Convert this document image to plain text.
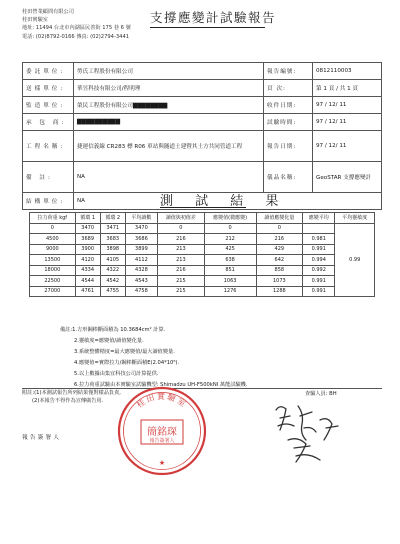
桂田營業顧問有限公司
桂田實驗室
地址: 11494 台北市內湖區民善街 175 巷 6 號
電話: (02)8792-0166 傳真: (02)2794-3441
支撐應變計試驗報告
委託單位:	勞氏工程股份有限公司	報告編號:	0812110003
送樣單位:	華昱科技有限公司/程明理	頁 次:	第 1 頁 / 共 1 頁
監造單位:	榮民工程股份有限公司▇▇▇▇▇▇▇▇	收件日期:	97 / 12/ 11
承 包 商:	▇▇▇▇▇▇▇▇▇▇	試驗時間:	97 / 12/ 11
工程名稱:	捷運信義線 CR283 標 R06 車站與隧道土建暨其土方共同管道工程	報告日期:	97 / 12/ 11
備 註:	NA	儀品名稱:	GeoSTAR 支撐應變計
結構單位:	NA			測 試 結 果
拉力荷重 kgf	循環 1	循環 2	平均讀數	讀值與初值差	應變值(微應變)	讀值應變化量	應變平均	平均靈敏度
0	3470	3471	3470	0	0	0		0.99
4500	3689	3683	3686	216	212	216	0.981	
9000	3900	3898	3899	213	425	429	0.991	
13500	4120	4105	4112	213	638	642	0.994	
18000	4334	4322	4328	216	851	858	0.992	
22500	4544	4542	4543	215	1063	1073	0.991	
27000	4761	4755	4758	215	1276	1288	0.991	
備註:1.方形鋼棒斷面積為 10.3684cm² 計算.
2.靈敏度=應變值/讀值變化量.
3.系統整體精度=最大應變值/最大讀值變量.
4.應變值=實際拉力/鋼棒斷面積E(2.04*10⁶).
5.以上數據由集宜科技公司計算提供.
6.拉力荷重試驗由本實驗室試驗機型: Shimadzu UH-F500kNI 萬能試驗機.
附註:(1)本測試報告所列結果僅對樣品負責,
(2)本報告不得作為宣傳廣告用.
查驗人員: BH
報告簽署人
桂田實驗室
簡銘琛
報告簽署人
★
